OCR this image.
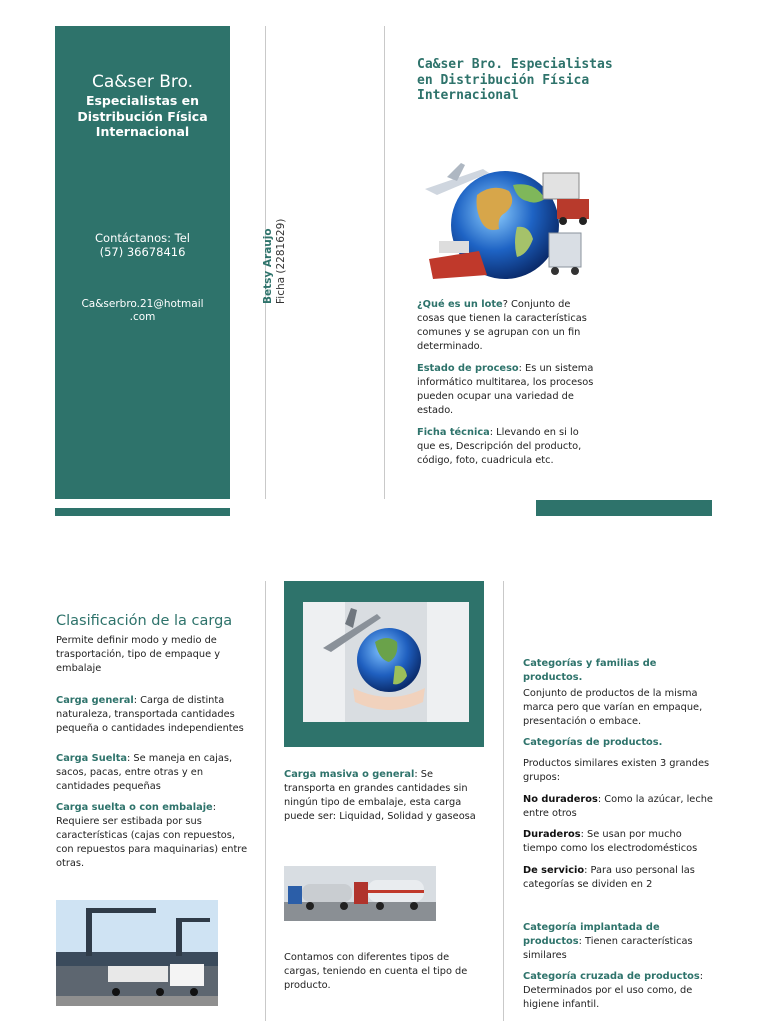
Ca&ser Bro.
Especialistas en Distribución Física Internacional
Contáctanos: Tel
(57) 36678416
Ca&serbro.21@hotmail
.com
Betsy Araujo Ficha (2281629)
Ca&ser Bro. Especialistas en Distribución Física Internacional
¿Qué es un lote? Conjunto de cosas que tienen la características comunes y se agrupan con un fin determinado.
Estado de proceso: Es un sistema informático multitarea, los procesos pueden ocupar una variedad de estado.
Ficha técnica: Llevando en si lo que es, Descripción del producto, código, foto, cuadricula etc.
Clasificación de la carga
Permite definir modo y medio de trasportación, tipo de empaque y embalaje
Carga general: Carga de distinta naturaleza, transportada cantidades pequeña o cantidades independientes
Carga Suelta: Se maneja en cajas, sacos, pacas, entre otras y en cantidades pequeñas
Carga suelta o con embalaje: Requiere ser estibada por sus características (cajas con repuestos, con repuestos para maquinarias) entre otras.
Carga masiva o general: Se transporta en grandes cantidades sin ningún tipo de embalaje, esta carga puede ser: Liquidad, Solidad y gaseosa
Contamos con diferentes tipos de cargas, teniendo en cuenta el tipo de producto.
Categorías y familias de productos.
Conjunto de productos de la misma marca pero que varían en empaque, presentación o embace.
Categorías de productos.
Productos similares existen 3 grandes grupos:
No duraderos: Como la azúcar, leche entre otros
Duraderos: Se usan por mucho tiempo como los electrodomésticos
De servicio: Para uso personal las categorías se dividen en 2
Categoría implantada de productos: Tienen características similares
Categoría cruzada de productos: Determinados por el uso como, de higiene infantil.
